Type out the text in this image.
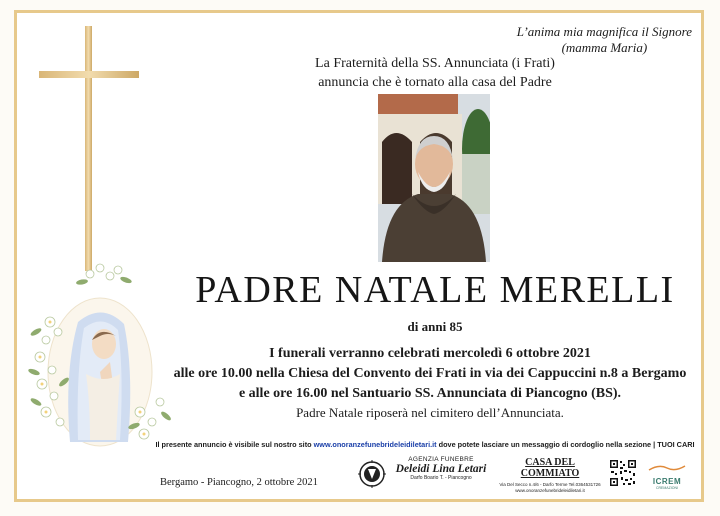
L’anima mia magnifica il Signore
(mamma Maria)
La Fraternità della SS. Annunciata (i Frati)
annuncia che è tornato alla casa del Padre
PADRE NATALE MERELLI
di anni 85
I funerali verranno celebrati mercoledì 6 ottobre 2021
alle ore 10.00 nella Chiesa del Convento dei Frati in via dei Cappuccini n.8 a Bergamo
e alle ore 16.00 nel Santuario SS. Annunciata di Piancogno (BS).
Padre Natale riposerà nel cimitero dell’Annunciata.
Il presente annuncio è visibile sul nostro sito www.onoranzefunebrideleidiletari.it dove potete lasciare un messaggio di cordoglio nella sezione | TUOI CARI
Bergamo - Piancogno, 2 ottobre 2021
AGENZIA FUNEBRE
Deleidi Lina Letari
Darfo Boario T. - Piancogno
CASA DEL COMMIATO
Via Del Secco n.4/6 - Darfo Terme Tel.0364531726
www.onoranzefunebrideleidiletari.it
ICREM
CREMAZIONI
